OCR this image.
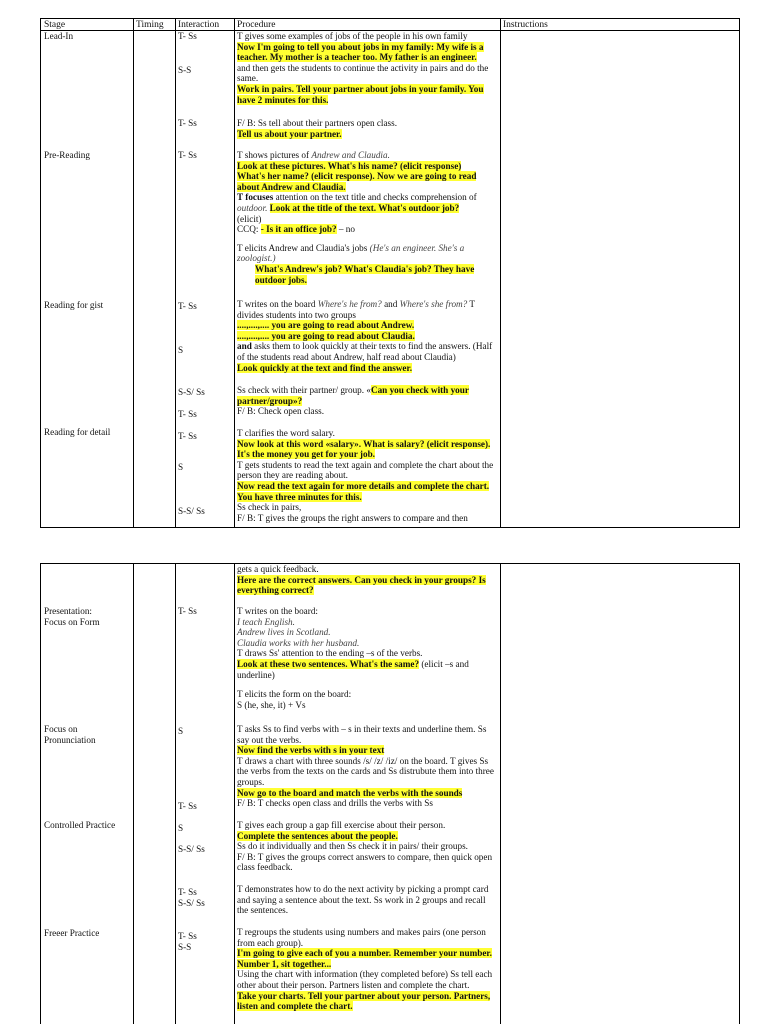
Stage	Timing Interaction Procedure	Instructions
Lead-In
Pre-Reading
Reading for gist
Reading for detail
T- Ss
S-S
T- Ss
T- Ss
T- Ss
S
S-S/ Ss
T- Ss
T- Ss
S
S-S/ Ss
T gives some examples of jobs of the people in his own family
Now I'm going to tell you about jobs in my family: My wife is a teacher. My mother is a teacher too. My father is an engineer.
and then gets the students to continue the activity in pairs and do the same.
Work in pairs. Tell your partner about jobs in your family. You have 2 minutes for this.
F/ B: Ss tell about their partners open class.
Tell us about your partner.
T shows pictures of Andrew and Claudia.
Look at these pictures. What's his name? (elicit response)
What's her name? (elicit response). Now we are going to read about Andrew and Claudia.
T focuses attention on the text title and checks comprehension of outdoor. Look at the title of the text. What's outdoor job?
(elicit)
CCQ: - Is it an office job? – no
T elicits Andrew and Claudia's jobs (He's an engineer. She's a zoologist.)
What's Andrew's job? What's Claudia's job? They have outdoor jobs.
T writes on the board Where's he from? and Where's she from? T divides students into two groups
....,....,.... you are going to read about Andrew.
....,....,.... you are going to read about Claudia.
and asks them to look quickly at their texts to find the answers. (Half of the students read about Andrew, half read about Claudia)
Look quickly at the text and find the answer.
Ss check with their partner/ group. «Can you check with your partner/group»?
F/ B: Check open class.
T clarifies the word salary.
Now look at this word «salary». What is salary? (elicit response). It's the money you get for your job.
T gets students to read the text again and complete the chart about the person they are reading about.
Now read the text again for more details and complete the chart. You have three minutes for this.
Ss check in pairs,
F/ B: T gives the groups the right answers to compare and then
Presentation:
Focus on Form
Focus on
Pronunciation
Controlled Practice
Freeer Practice
T- Ss
S
T- Ss
S
S-S/ Ss
T- Ss
S-S/ Ss
T- Ss
S-S
gets a quick feedback.
Here are the correct answers. Can you check in your groups? Is everything correct?
T writes on the board:
I teach English.
Andrew lives in Scotland.
Claudia works with her husband.
T draws Ss' attention to the ending –s of the verbs.
Look at these two sentences. What's the same? (elicit –s and underline)
T elicits the form on the board:
S (he, she, it) + Vs
T asks Ss to find verbs with – s in their texts and underline them. Ss say out the verbs.
Now find the verbs with s in your text
T draws a chart with three sounds /s/ /z/ /iz/ on the board. T gives Ss the verbs from the texts on the cards and Ss distrubute them into three groups.
Now go to the board and match the verbs with the sounds
F/ B: T checks open class and drills the verbs with Ss
T gives each group a gap fill exercise about their person.
Complete the sentences about the people.
Ss do it individually and then Ss check it in pairs/ their groups.
F/ B: T gives the groups correct answers to compare, then quick open class feedback.
T demonstrates how to do the next activity by picking a prompt card and saying a sentence about the text. Ss work in 2 groups and recall the sentences.
T regroups the students using numbers and makes pairs (one person from each group).
I'm going to give each of you a number. Remember your number. Number 1, sit together...
Using the chart with information (they completed before) Ss tell each other about their person. Partners listen and complete the chart.
Take your charts. Tell your partner about your person. Partners, listen and complete the chart.
